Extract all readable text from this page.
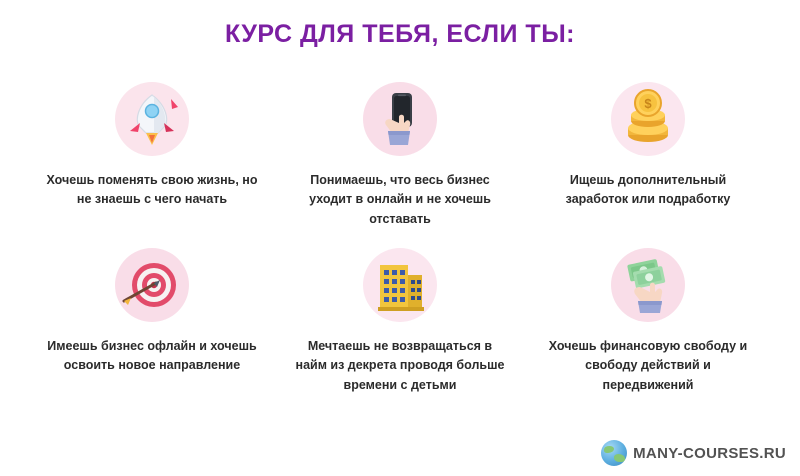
КУРС ДЛЯ ТЕБЯ, ЕСЛИ ТЫ:
Хочешь поменять свою жизнь, но не знаешь с чего начать
Понимаешь, что весь бизнес уходит в онлайн и не хочешь отставать
$
Ищешь дополнительный заработок или подработку
Имеешь бизнес офлайн и хочешь освоить новое направление
Мечтаешь не возвращаться в найм из декрета проводя больше времени с детьми
Хочешь финансовую свободу и свободу действий и передвижений
MANY-COURSES.RU
